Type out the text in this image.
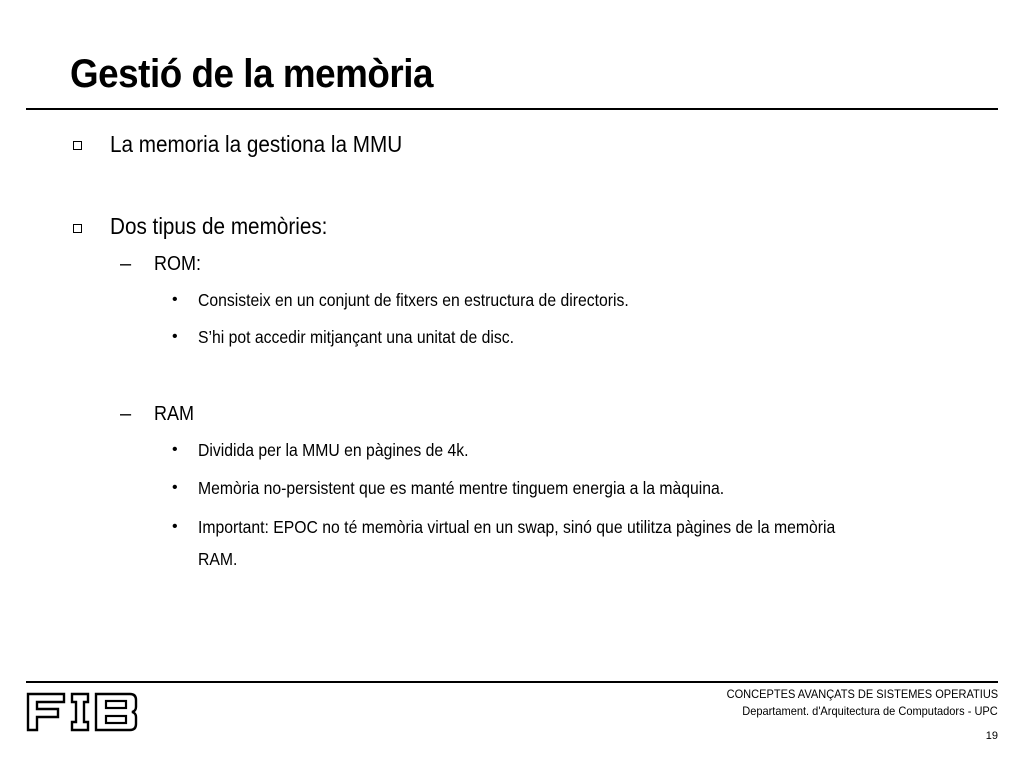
Gestió de la memòria
La memoria la gestiona la MMU
Dos tipus de memòries:
– ROM:
• Consisteix en un conjunt de fitxers en estructura de directoris.
• S’hi pot accedir mitjançant una unitat de disc.
– RAM
• Dividida per la MMU en pàgines de 4k.
• Memòria no-persistent que es manté mentre tinguem energia a la màquina.
• Important: EPOC no té memòria virtual en un swap, sinó que utilitza pàgines de la memòria
RAM.
CONCEPTES AVANÇATS DE SISTEMES OPERATIUS
Departament. d'Arquitectura de Computadors - UPC
19
